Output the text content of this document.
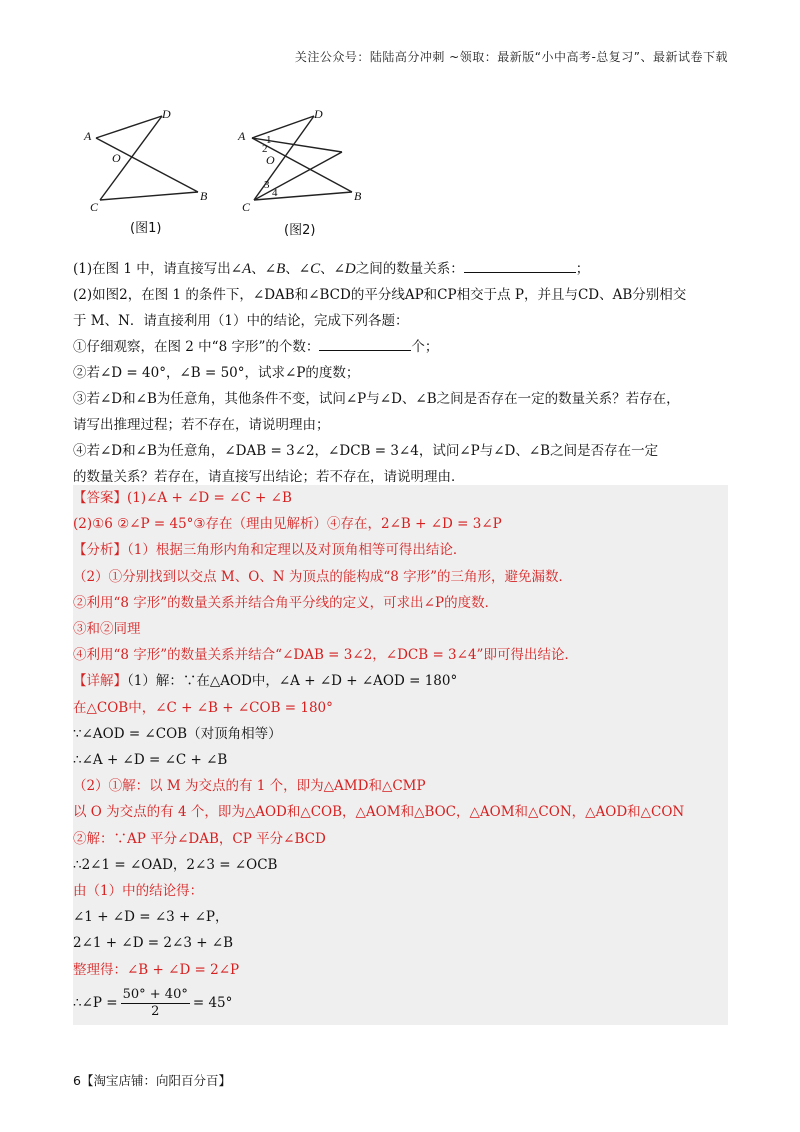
关注公众号：陆陆高分冲刺 ~领取：最新版“小中高考-总复习”、最新试卷下载
A
D
O
C
B
(图1)
A
D
O
C
B
1
2
3
4
(图2)

(1)在图 1 中，请直接写出∠A、∠B、∠C、∠D之间的数量关系：	；

(2)如图2，在图 1 的条件下，∠DAB和∠BCD的平分线AP和CP相交于点 P，并且与CD、AB分别相交

于 M、N．请直接利用（1）中的结论，完成下列各题：

①仔细观察，在图 2 中“8 字形”的个数：	个；

②若∠D = 40°，∠B = 50°，试求∠P的度数；

③若∠D和∠B为任意角，其他条件不变，试问∠P与∠D、∠B之间是否存在一定的数量关系？若存在，

请写出推理过程；若不存在，请说明理由；

④若∠D和∠B为任意角，∠DAB = 3∠2，∠DCB = 3∠4，试问∠P与∠D、∠B之间是否存在一定

的数量关系？若存在，请直接写出结论；若不存在，请说明理由．

【答案】(1)∠A + ∠D = ∠C + ∠B
(2)①6 ②∠P = 45°③存在（理由见解析）④存在，2∠B + ∠D = 3∠P
【分析】（1）根据三角形内角和定理以及对顶角相等可得出结论．
（2）①分别找到以交点 M、O、N 为顶点的能构成“8 字形”的三角形，避免漏数．
②利用“8 字形”的数量关系并结合角平分线的定义，可求出∠P的度数．
③和②同理
④利用“8 字形”的数量关系并结合“∠DAB = 3∠2，∠DCB = 3∠4”即可得出结论．
【详解】（1）解：∵在△AOD中，∠A + ∠D + ∠AOD = 180°
在△COB中，∠C + ∠B + ∠COB = 180°
∵∠AOD = ∠COB（对顶角相等）
∴∠A + ∠D = ∠C + ∠B
（2）①解：以 M 为交点的有 1 个，即为△AMD和△CMP
以 O 为交点的有 4 个，即为△AOD和△COB，△AOM和△BOC，△AOM和△CON，△AOD和△CON
②解：∵AP 平分∠DAB，CP 平分∠BCD
∴2∠1 = ∠OAD，2∠3 = ∠OCB
由（1）中的结论得：
∠1 + ∠D = ∠3 + ∠P，
2∠1 + ∠D = 2∠3 + ∠B
整理得：∠B + ∠D = 2∠P
∴∠P = $\frac{50^\circ + 40^\circ}{2} = 45^\circ$
6【淘宝店铺：向阳百分百】
